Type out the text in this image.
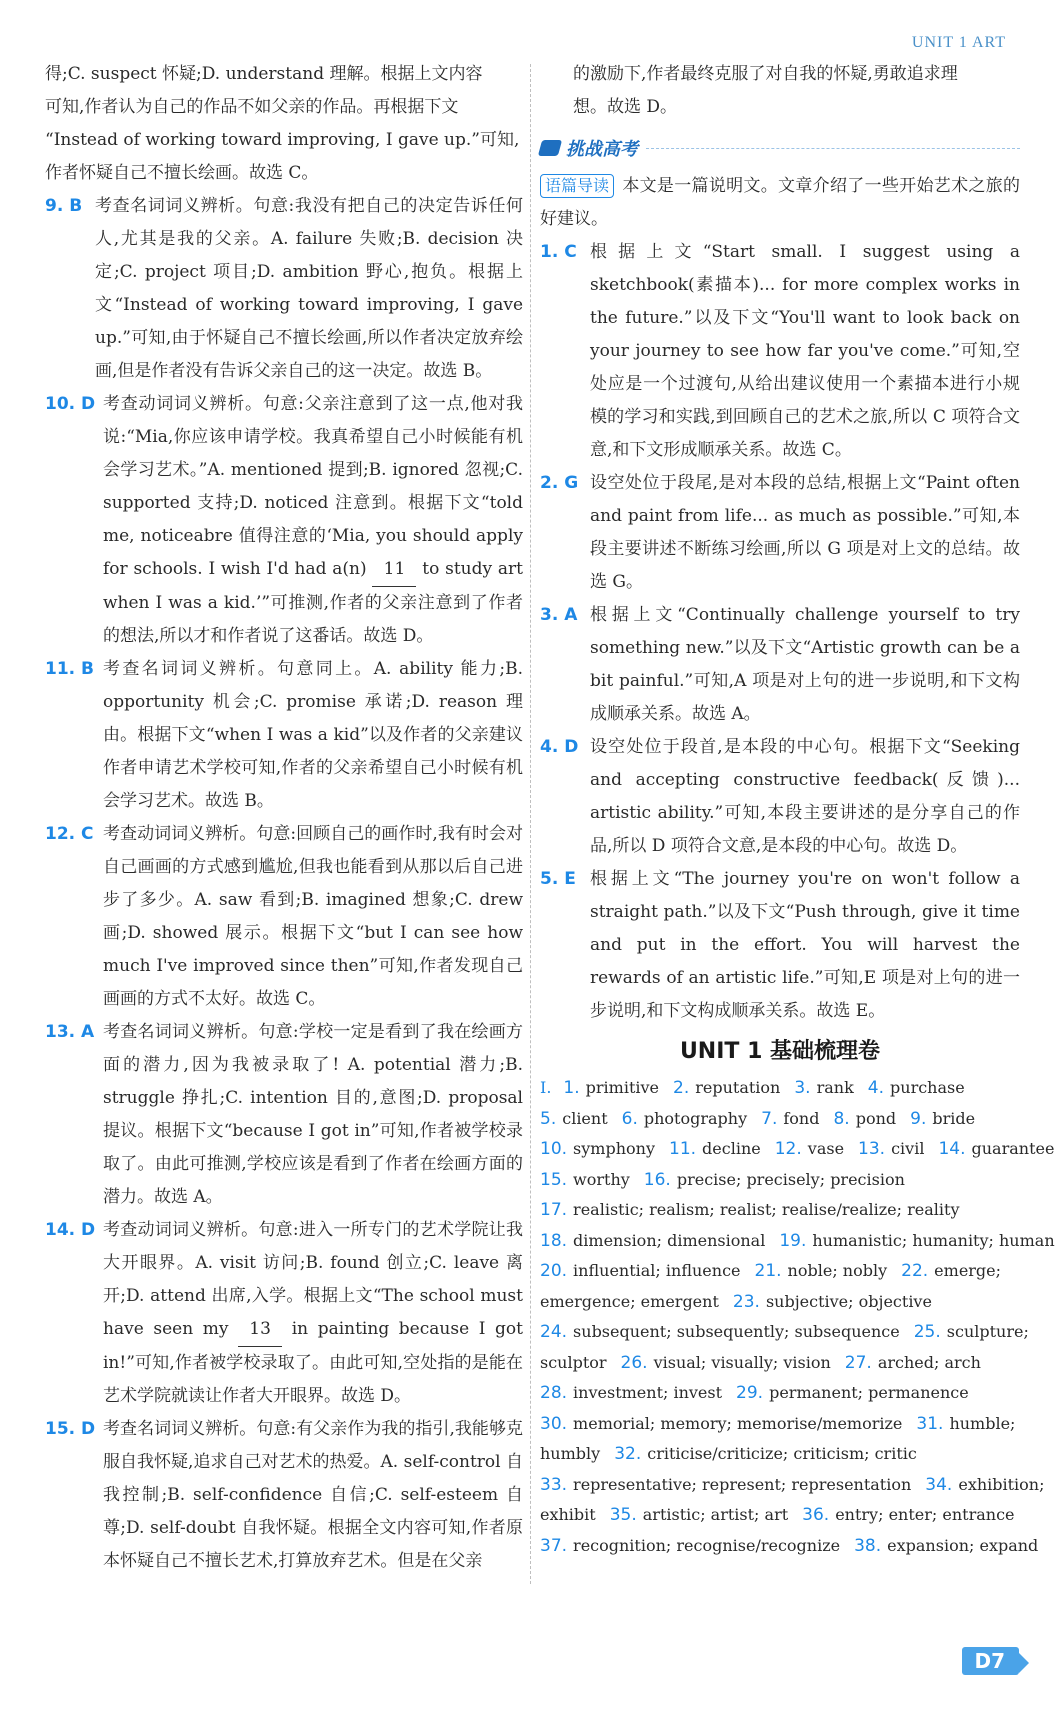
UNIT 1 ART
得;C. suspect 怀疑;D. understand 理解。根据上文内容
可知,作者认为自己的作品不如父亲的作品。再根据下文
“Instead of working toward improving, I gave up.”可知,
作者怀疑自己不擅长绘画。故选 C。
9. B 考查名词词义辨析。句意:我没有把自己的决定告诉任何人,尤其是我的父亲。A. failure 失败;B. decision 决定;C. project 项目;D. ambition 野心,抱负。根据上文“Instead of working toward improving, I gave up.”可知,由于怀疑自己不擅长绘画,所以作者决定放弃绘画,但是作者没有告诉父亲自己的这一决定。故选 B。
10. D 考查动词词义辨析。句意:父亲注意到了这一点,他对我说:“Mia,你应该申请学校。我真希望自己小时候能有机会学习艺术。”A. mentioned 提到;B. ignored 忽视;C. supported 支持;D. noticed 注意到。根据下文“told me, noticeabre 值得注意的‘Mia, you should apply for schools. I wish I'd had a(n) 11 to study art when I was a kid.’”可推测,作者的父亲注意到了作者的想法,所以才和作者说了这番话。故选 D。
11. B 考查名词词义辨析。句意同上。A. ability 能力;B. opportunity 机会;C. promise 承诺;D. reason 理由。根据下文“when I was a kid”以及作者的父亲建议作者申请艺术学校可知,作者的父亲希望自己小时候有机会学习艺术。故选 B。
12. C 考查动词词义辨析。句意:回顾自己的画作时,我有时会对自己画画的方式感到尴尬,但我也能看到从那以后自己进步了多少。A. saw 看到;B. imagined 想象;C. drew 画;D. showed 展示。根据下文“but I can see how much I've improved since then”可知,作者发现自己画画的方式不太好。故选 C。
13. A 考查名词词义辨析。句意:学校一定是看到了我在绘画方面的潜力,因为我被录取了! A. potential 潜力;B. struggle 挣扎;C. intention 目的,意图;D. proposal 提议。根据下文“because I got in”可知,作者被学校录取了。由此可推测,学校应该是看到了作者在绘画方面的潜力。故选 A。
14. D 考查动词词义辨析。句意:进入一所专门的艺术学院让我大开眼界。A. visit 访问;B. found 创立;C. leave 离开;D. attend 出席,入学。根据上文“The school must have seen my 13 in painting because I got in!”可知,作者被学校录取了。由此可知,空处指的是能在艺术学院就读让作者大开眼界。故选 D。
15. D 考查名词词义辨析。句意:有父亲作为我的指引,我能够克服自我怀疑,追求自己对艺术的热爱。A. self-control 自我控制;B. self-confidence 自信;C. self-esteem 自尊;D. self-doubt 自我怀疑。根据全文内容可知,作者原本怀疑自己不擅长艺术,打算放弃艺术。但是在父亲
的激励下,作者最终克服了对自我的怀疑,勇敢追求理
想。故选 D。
挑战高考
语篇导读 本文是一篇说明文。文章介绍了一些开始艺术之旅的好建议。
1. C 根据上文“Start small. I suggest using a sketchbook(素描本)... for more complex works in the future.”以及下文“You'll want to look back on your journey to see how far you've come.”可知,空处应是一个过渡句,从给出建议使用一个素描本进行小规模的学习和实践,到回顾自己的艺术之旅,所以 C 项符合文意,和下文形成顺承关系。故选 C。
2. G 设空处位于段尾,是对本段的总结,根据上文“Paint often and paint from life... as much as possible.”可知,本段主要讲述不断练习绘画,所以 G 项是对上文的总结。故选 G。
3. A 根据上文“Continually challenge yourself to try something new.”以及下文“Artistic growth can be a bit painful.”可知,A 项是对上句的进一步说明,和下文构成顺承关系。故选 A。
4. D 设空处位于段首,是本段的中心句。根据下文“Seeking and accepting constructive feedback(反馈)... artistic ability.”可知,本段主要讲述的是分享自己的作品,所以 D 项符合文意,是本段的中心句。故选 D。
5. E 根据上文“The journey you're on won't follow a straight path.”以及下文“Push through, give it time and put in the effort. You will harvest the rewards of an artistic life.”可知,E 项是对上句的进一步说明,和下文构成顺承关系。故选 E。
UNIT 1 基础梳理卷
Ⅰ. 1. primitive 2. reputation 3. rank 4. purchase
5. client 6. photography 7. fond 8. pond 9. bride
10. symphony 11. decline 12. vase 13. civil 14. guarantee
15. worthy 16. precise; precisely; precision
17. realistic; realism; realist; realise/realize; reality
18. dimension; dimensional 19. humanistic; humanity; human
20. influential; influence 21. noble; nobly 22. emerge;
emergence; emergent 23. subjective; objective
24. subsequent; subsequently; subsequence 25. sculpture;
sculptor 26. visual; visually; vision 27. arched; arch
28. investment; invest 29. permanent; permanence
30. memorial; memory; memorise/memorize 31. humble;
humbly 32. criticise/criticize; criticism; critic
33. representative; represent; representation 34. exhibition;
exhibit 35. artistic; artist; art 36. entry; enter; entrance
37. recognition; recognise/recognize 38. expansion; expand
D7
